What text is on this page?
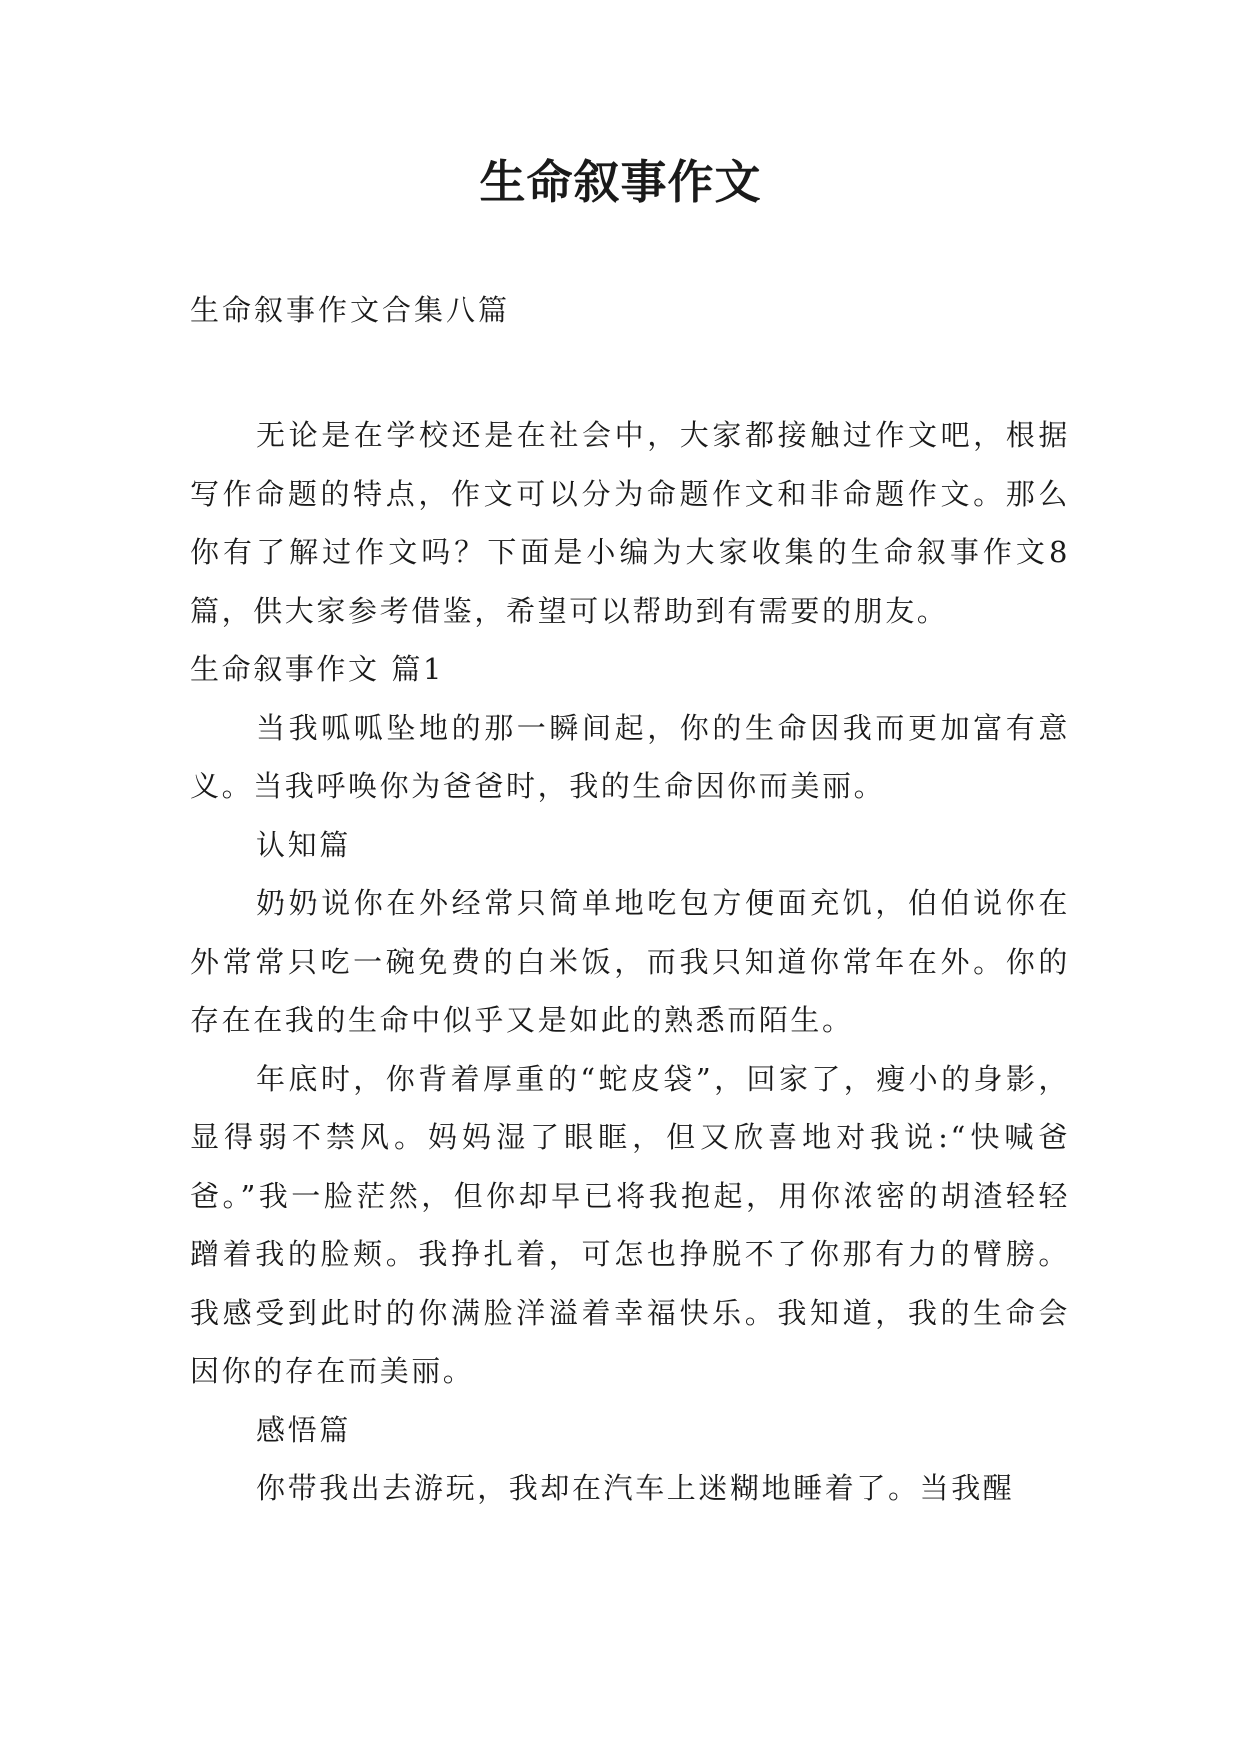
生命叙事作文

生命叙事作文合集八篇

无论是在学校还是在社会中，大家都接触过作文吧，根据写作命题的特点，作文可以分为命题作文和非命题作文。那么你有了解过作文吗？下面是小编为大家收集的生命叙事作文8篇，供大家参考借鉴，希望可以帮助到有需要的朋友。

生命叙事作文 篇1

当我呱呱坠地的那一瞬间起，你的生命因我而更加富有意义。当我呼唤你为爸爸时，我的生命因你而美丽。

认知篇

奶奶说你在外经常只简单地吃包方便面充饥，伯伯说你在外常常只吃一碗免费的白米饭，而我只知道你常年在外。你的存在在我的生命中似乎又是如此的熟悉而陌生。

年底时，你背着厚重的“蛇皮袋”，回家了，瘦小的身影，显得弱不禁风。妈妈湿了眼眶，但又欣喜地对我说:“快喊爸爸。”我一脸茫然，但你却早已将我抱起，用你浓密的胡渣轻轻蹭着我的脸颊。我挣扎着，可怎也挣脱不了你那有力的臂膀。我感受到此时的你满脸洋溢着幸福快乐。我知道，我的生命会因你的存在而美丽。

感悟篇

你带我出去游玩，我却在汽车上迷糊地睡着了。当我醒
